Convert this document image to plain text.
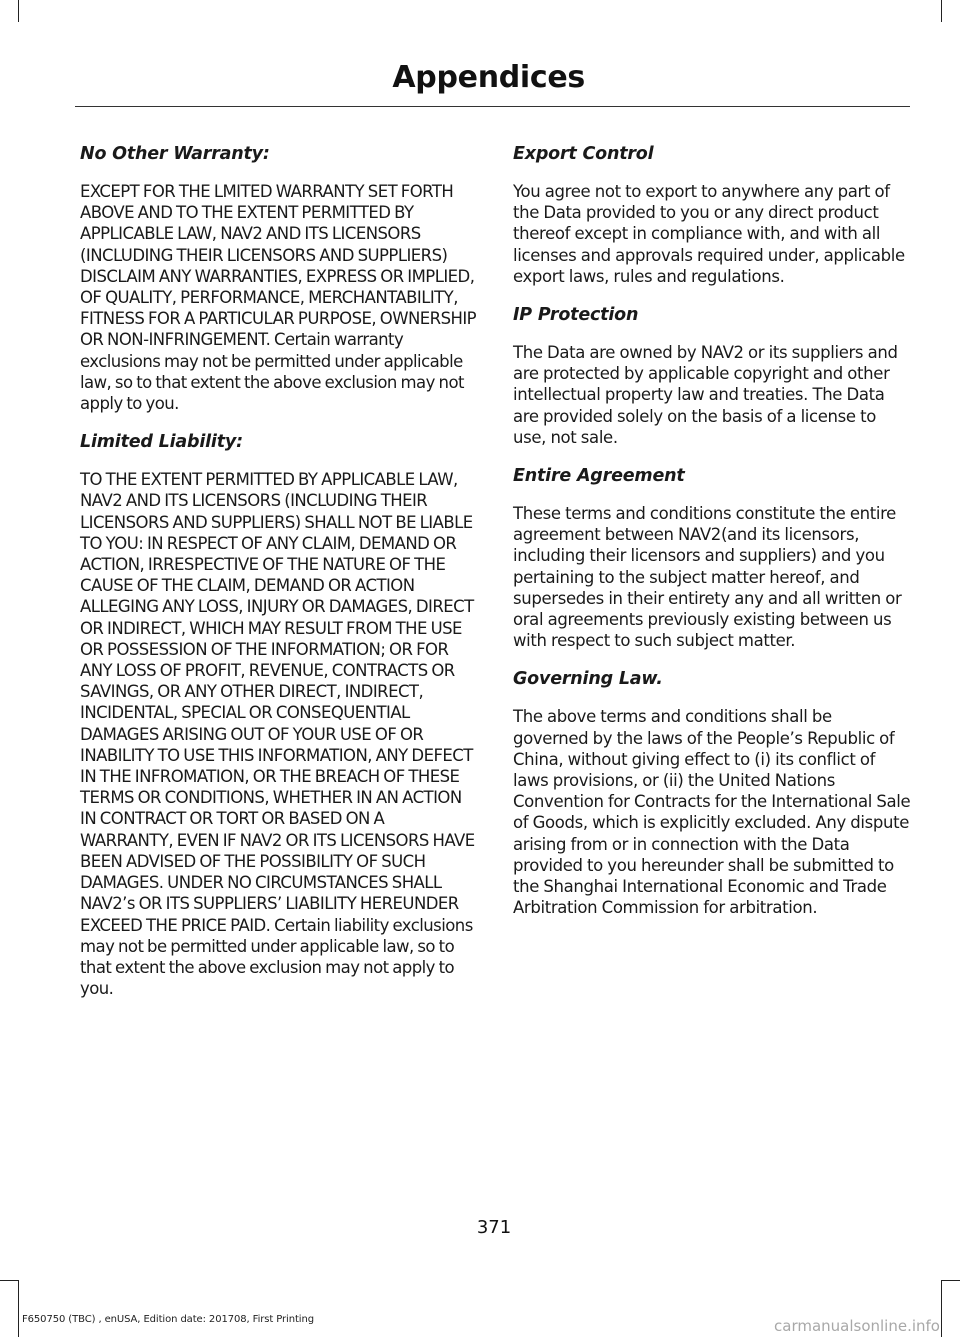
Appendices
No Other Warranty:
EXCEPT FOR THE LMITED WARRANTY SET FORTH ABOVE AND TO THE EXTENT PERMITTED BY APPLICABLE LAW, NAV2 AND ITS LICENSORS (INCLUDING THEIR LICENSORS AND SUPPLIERS) DISCLAIM ANY WARRANTIES, EXPRESS OR IMPLIED, OF QUALITY, PERFORMANCE, MERCHANTABILITY, FITNESS FOR A PARTICULAR PURPOSE, OWNERSHIP OR NON-INFRINGEMENT. Certain warranty exclusions may not be permitted under applicable law, so to that extent the above exclusion may not apply to you.
Limited Liability:
TO THE EXTENT PERMITTED BY APPLICABLE LAW, NAV2 AND ITS LICENSORS (INCLUDING THEIR LICENSORS AND SUPPLIERS) SHALL NOT BE LIABLE TO YOU: IN RESPECT OF ANY CLAIM, DEMAND OR ACTION, IRRESPECTIVE OF THE NATURE OF THE CAUSE OF THE CLAIM, DEMAND OR ACTION ALLEGING ANY LOSS, INJURY OR DAMAGES, DIRECT OR INDIRECT, WHICH MAY RESULT FROM THE USE OR POSSESSION OF THE INFORMATION; OR FOR ANY LOSS OF PROFIT, REVENUE, CONTRACTS OR SAVINGS, OR ANY OTHER DIRECT, INDIRECT, INCIDENTAL, SPECIAL OR CONSEQUENTIAL DAMAGES ARISING OUT OF YOUR USE OF OR INABILITY TO USE THIS INFORMATION, ANY DEFECT IN THE INFROMATION, OR THE BREACH OF THESE TERMS OR CONDITIONS, WHETHER IN AN ACTION IN CONTRACT OR TORT OR BASED ON A WARRANTY, EVEN IF NAV2 OR ITS LICENSORS HAVE BEEN ADVISED OF THE POSSIBILITY OF SUCH DAMAGES. UNDER NO CIRCUMSTANCES SHALL NAV2’s OR ITS SUPPLIERS’ LIABILITY HEREUNDER EXCEED THE PRICE PAID. Certain liability exclusions may not be permitted under applicable law, so to that extent the above exclusion may not apply to you.
Export Control
You agree not to export to anywhere any part of the Data provided to you or any direct product thereof except in compliance with, and with all licenses and approvals required under, applicable export laws, rules and regulations.
IP Protection
The Data are owned by NAV2 or its suppliers and are protected by applicable copyright and other intellectual property law and treaties. The Data are provided solely on the basis of a license to use, not sale.
Entire Agreement
These terms and conditions constitute the entire agreement between NAV2(and its licensors, including their licensors and suppliers) and you pertaining to the subject matter hereof, and supersedes in their entirety any and all written or oral agreements previously existing between us with respect to such subject matter.
Governing Law.
The above terms and conditions shall be governed by the laws of the People’s Republic of China, without giving effect to (i) its conflict of laws provisions, or (ii) the United Nations Convention for Contracts for the International Sale of Goods, which is explicitly excluded. Any dispute arising from or in connection with the Data provided to you hereunder shall be submitted to the Shanghai International Economic and Trade Arbitration Commission for arbitration.
371
F650750 (TBC) , enUSA, Edition date: 201708, First Printing	carmanualsonline.info
